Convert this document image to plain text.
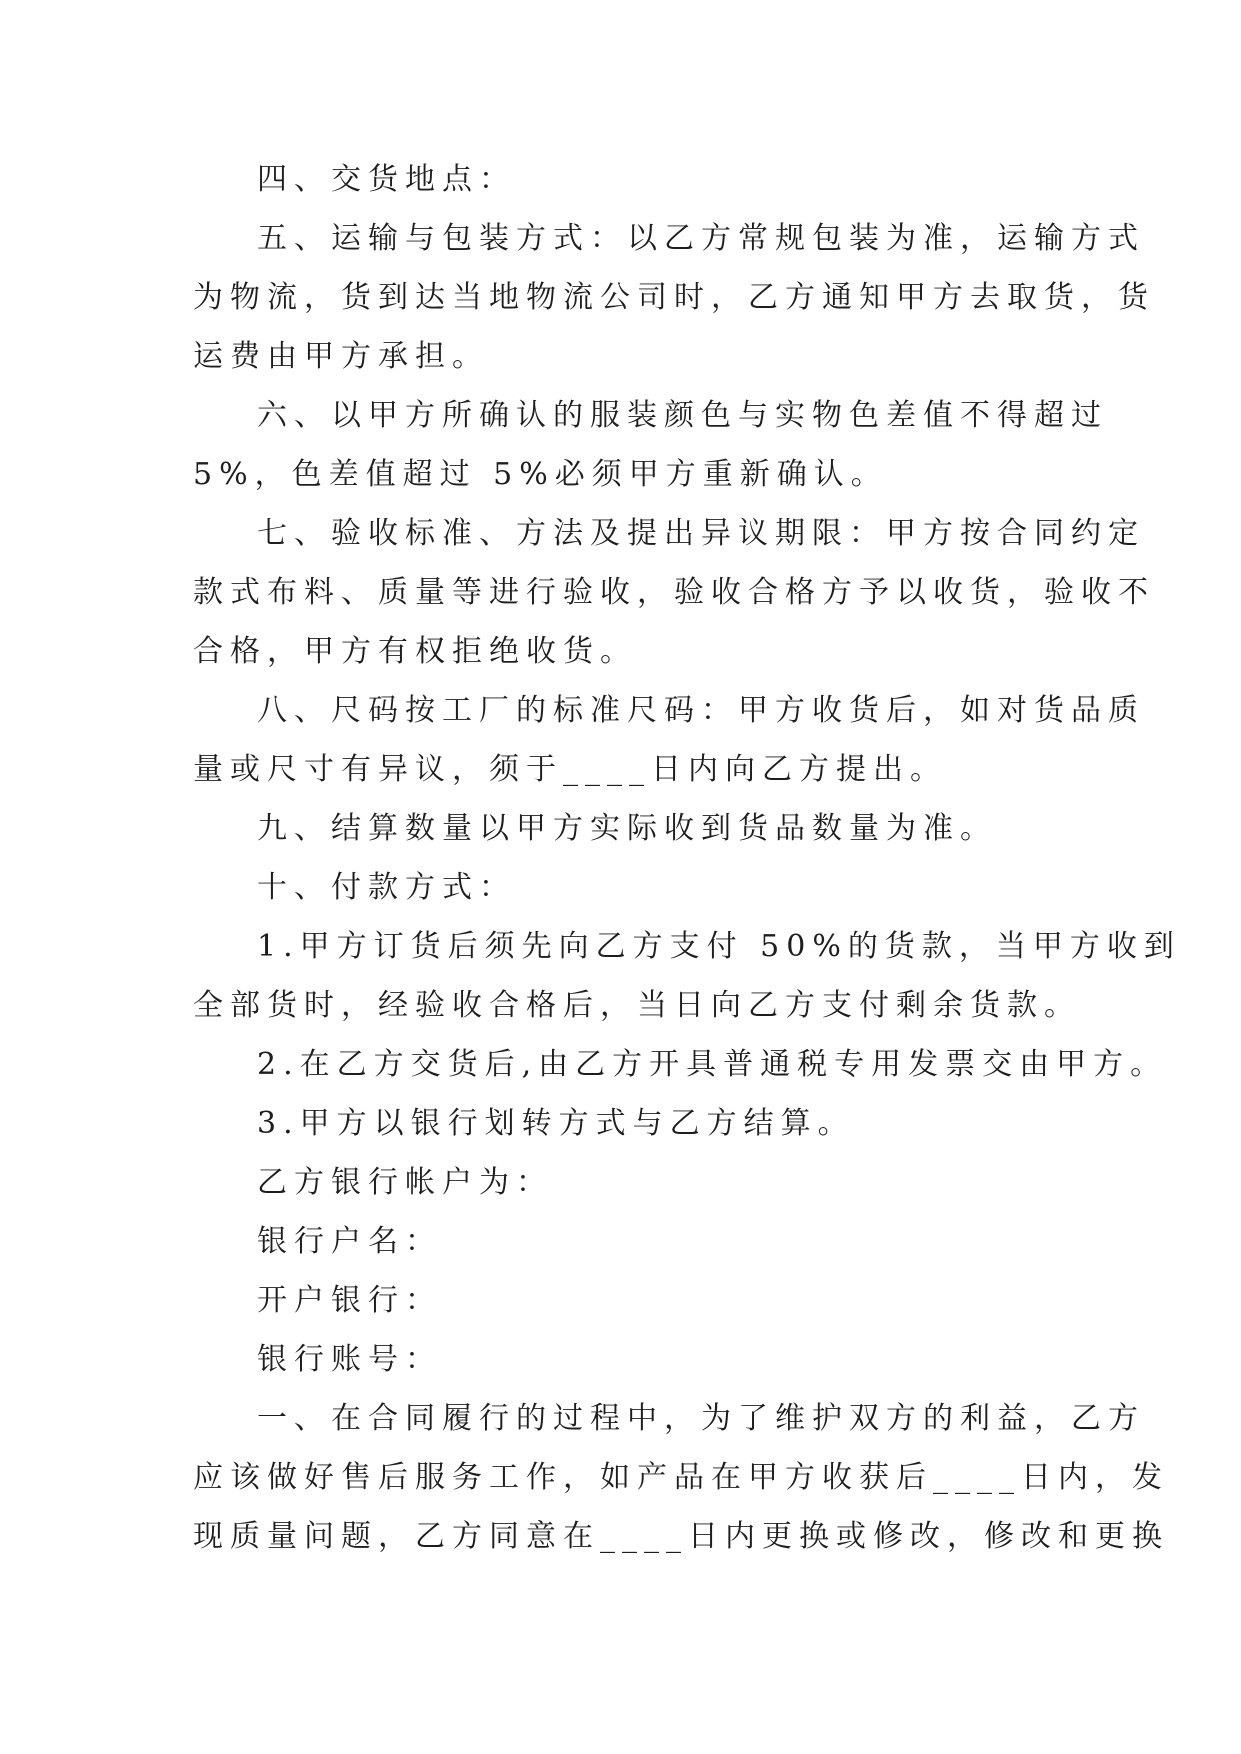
四、交货地点：

五、运输与包装方式：以乙方常规包装为准，运输方式

为物流，货到达当地物流公司时，乙方通知甲方去取货，货

运费由甲方承担。

六、以甲方所确认的服装颜色与实物色差值不得超过

5%，色差值超过 5%必须甲方重新确认。

七、验收标准、方法及提出异议期限：甲方按合同约定

款式布料、质量等进行验收，验收合格方予以收货，验收不

合格，甲方有权拒绝收货。

八、尺码按工厂的标准尺码：甲方收货后，如对货品质

量或尺寸有异议，须于____日内向乙方提出。

九、结算数量以甲方实际收到货品数量为准。

十、付款方式：

1.甲方订货后须先向乙方支付 50%的货款，当甲方收到

全部货时，经验收合格后，当日向乙方支付剩余货款。

2.在乙方交货后,由乙方开具普通税专用发票交由甲方。

3.甲方以银行划转方式与乙方结算。

乙方银行帐户为：

银行户名：

开户银行：

银行账号：

一、在合同履行的过程中，为了维护双方的利益，乙方

应该做好售后服务工作，如产品在甲方收获后____日内，发

现质量问题，乙方同意在____日内更换或修改，修改和更换
